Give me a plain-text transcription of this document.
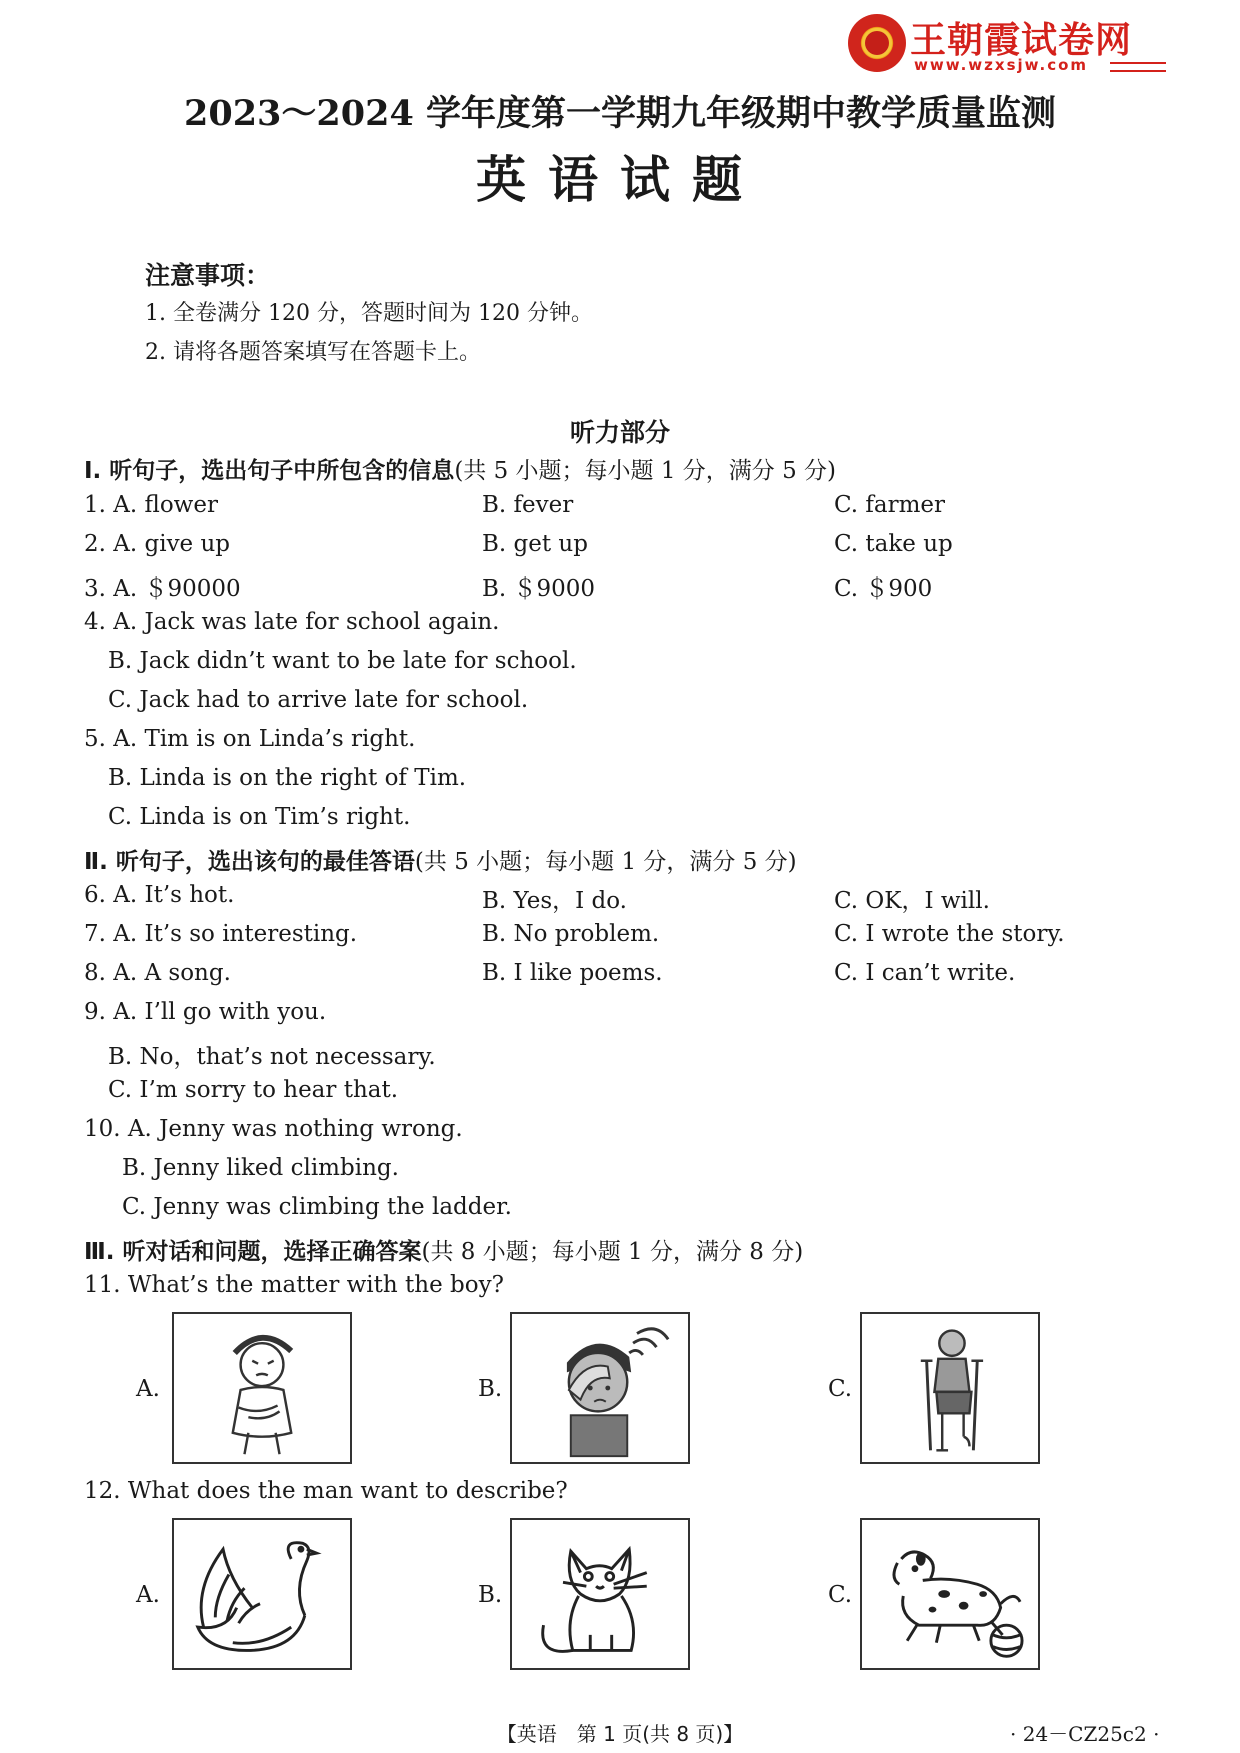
王朝霞试卷网
www.wzxsjw.com
2023～2024 学年度第一学期九年级期中教学质量监测
英语试题
注意事项：
1. 全卷满分 120 分，答题时间为 120 分钟。
2. 请将各题答案填写在答题卡上。
听力部分
Ⅰ. 听句子，选出句子中所包含的信息(共 5 小题；每小题 1 分，满分 5 分)
1. A. flower	B. fever	C. farmer
2. A. give up	B. get up	C. take up
3. A. ＄90000	B. ＄9000	C. ＄900
4. A. Jack was late for school again.
B. Jack didn’t want to be late for school.
C. Jack had to arrive late for school.
5. A. Tim is on Linda’s right.
B. Linda is on the right of Tim.
C. Linda is on Tim’s right.
Ⅱ. 听句子，选出该句的最佳答语(共 5 小题；每小题 1 分，满分 5 分)
6. A. It’s hot.	B. Yes，I do.	C. OK，I will.
7. A. It’s so interesting.	B. No problem.	C. I wrote the story.
8. A. A song.	B. I like poems.	C. I can’t write.
9. A. I’ll go with you.
B. No，that’s not necessary.
C. I’m sorry to hear that.
10. A. Jenny was nothing wrong.
B. Jenny liked climbing.
C. Jenny was climbing the ladder.
Ⅲ. 听对话和问题，选择正确答案(共 8 小题；每小题 1 分，满分 8 分)
11. What’s the matter with the boy?
A.	B.	C.
12. What does the man want to describe?
A.	B.	C.
【英语　第 1 页(共 8 页)】	· 24－CZ25c2 ·
